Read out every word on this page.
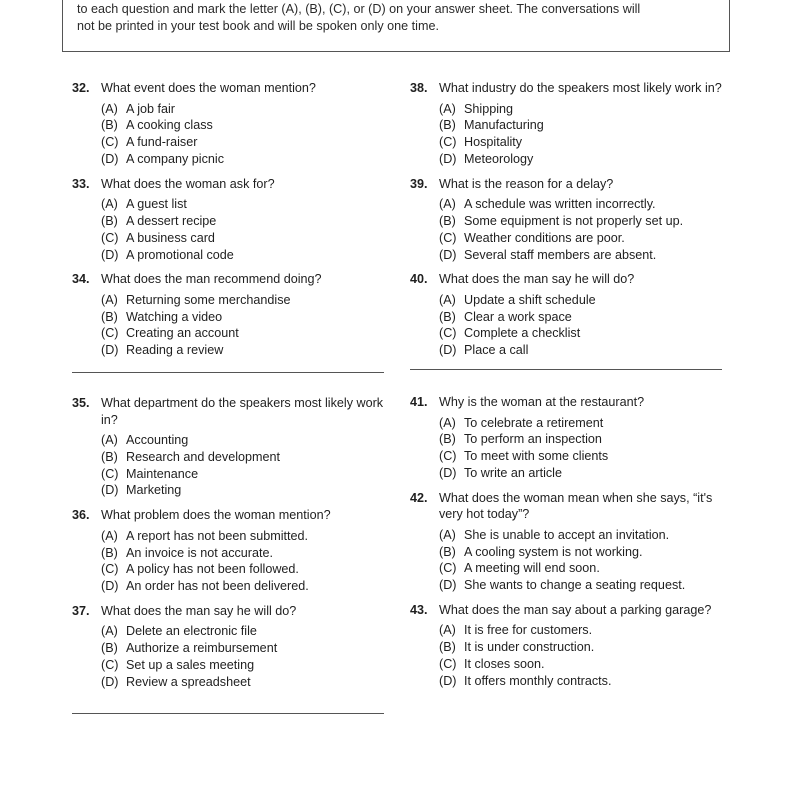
to each question and mark the letter (A), (B), (C), or (D) on your answer sheet. The conversations will

not be printed in your test book and will be spoken only one time.

32. What event does the woman mention?
(A) A job fair
(B) A cooking class
(C) A fund-raiser
(D) A company picnic
33. What does the woman ask for?
(A) A guest list
(B) A dessert recipe
(C) A business card
(D) A promotional code
34. What does the man recommend doing?
(A) Returning some merchandise
(B) Watching a video
(C) Creating an account
(D) Reading a review
35. What department do the speakers most likely work in?
(A) Accounting
(B) Research and development
(C) Maintenance
(D) Marketing
36. What problem does the woman mention?
(A) A report has not been submitted.
(B) An invoice is not accurate.
(C) A policy has not been followed.
(D) An order has not been delivered.
37. What does the man say he will do?
(A) Delete an electronic file
(B) Authorize a reimbursement
(C) Set up a sales meeting
(D) Review a spreadsheet
38. What industry do the speakers most likely work in?
(A) Shipping
(B) Manufacturing
(C) Hospitality
(D) Meteorology
39. What is the reason for a delay?
(A) A schedule was written incorrectly.
(B) Some equipment is not properly set up.
(C) Weather conditions are poor.
(D) Several staff members are absent.
40. What does the man say he will do?
(A) Update a shift schedule
(B) Clear a work space
(C) Complete a checklist
(D) Place a call
41. Why is the woman at the restaurant?
(A) To celebrate a retirement
(B) To perform an inspection
(C) To meet with some clients
(D) To write an article
42. What does the woman mean when she says, “it's very hot today”?
(A) She is unable to accept an invitation.
(B) A cooling system is not working.
(C) A meeting will end soon.
(D) She wants to change a seating request.
43. What does the man say about a parking garage?
(A) It is free for customers.
(B) It is under construction.
(C) It closes soon.
(D) It offers monthly contracts.
